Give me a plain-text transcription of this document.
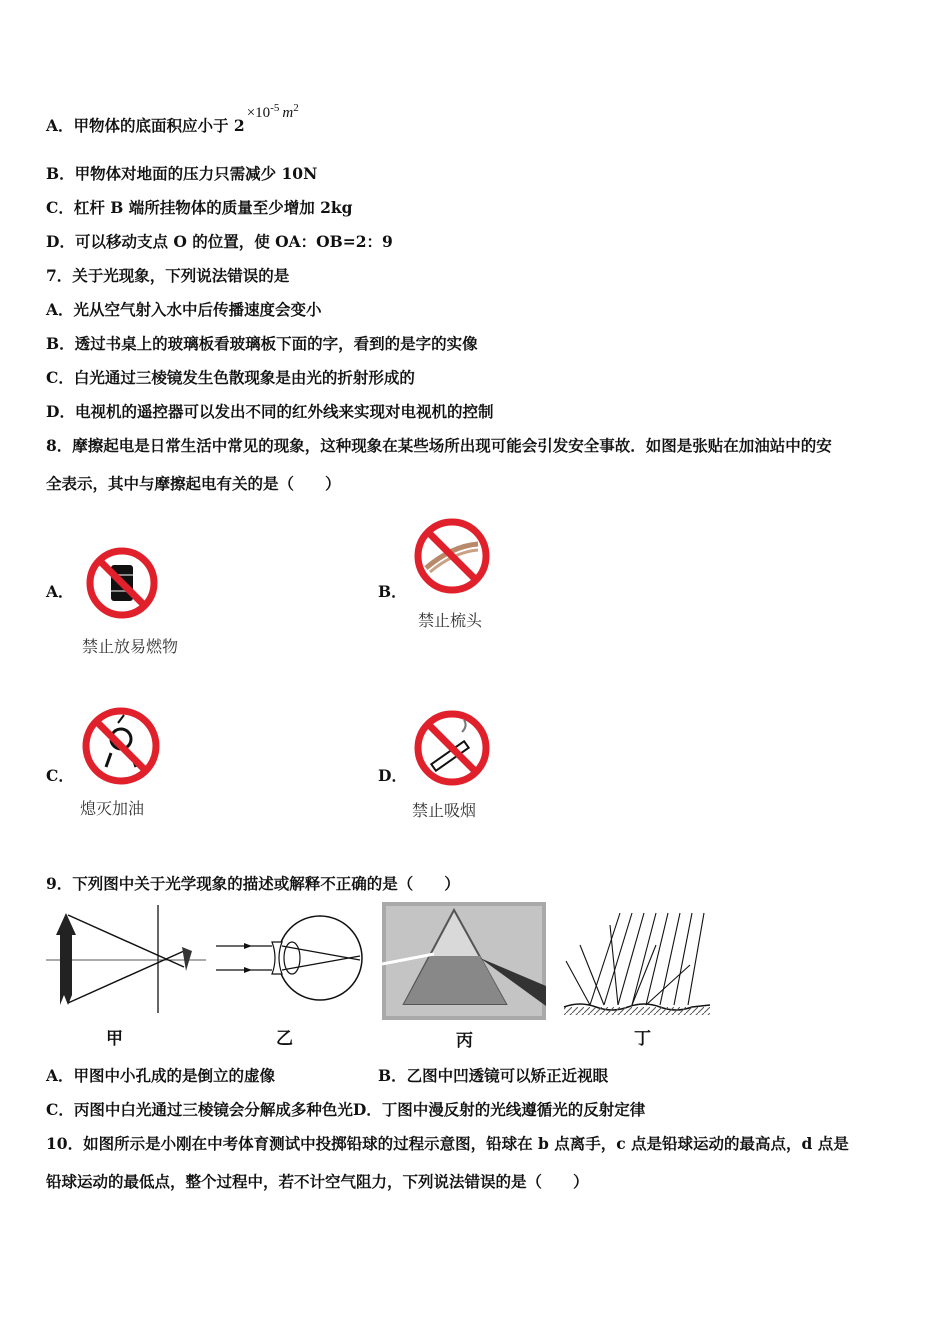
A．甲物体的底面积应小于 $2\times 10^{-5}$ $m^2$
B．甲物体对地面的压力只需减少 10N
C．杠杆 B 端所挂物体的质量至少增加 2kg
D．可以移动支点 O 的位置，使 OA：OB=2：9
7．关于光现象，下列说法错误的是
A．光从空气射入水中后传播速度会变小
B．透过书桌上的玻璃板看玻璃板下面的字，看到的是字的实像
C．白光通过三棱镜发生色散现象是由光的折射形成的
D．电视机的遥控器可以发出不同的红外线来实现对电视机的控制
8．摩擦起电是日常生活中常见的现象，这种现象在某些场所出现可能会引发安全事故．如图是张贴在加油站中的安
全表示，其中与摩擦起电有关的是（　　）
A．
禁止放易燃物
B．
禁止梳头
C．
熄灭加油
D．
禁止吸烟
9．下列图中关于光学现象的描述或解释不正确的是（　　）
甲	乙	丙	丁
A．甲图中小孔成的是倒立的虚像	B．乙图中凹透镜可以矫正近视眼
C．丙图中白光通过三棱镜会分解成多种色光D．丁图中漫反射的光线遵循光的反射定律
10．如图所示是小刚在中考体育测试中投掷铅球的过程示意图，铅球在 b 点离手，c 点是铅球运动的最高点，d 点是
铅球运动的最低点，整个过程中，若不计空气阻力，下列说法错误的是（　　）
